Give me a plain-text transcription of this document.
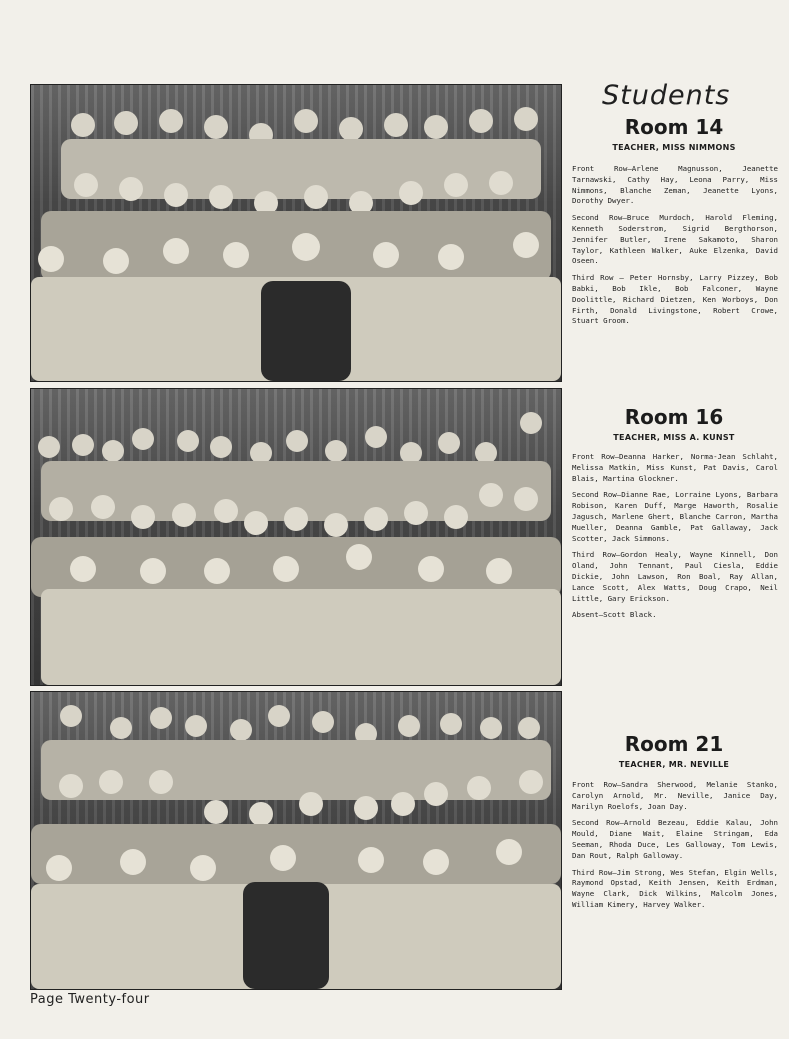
Students
Room 14
TEACHER, MISS NIMMONS

Front Row—Arlene Magnusson, Jeanette Tarnawski, Cathy Hay, Leona Parry, Miss Nimmons, Blanche Zeman, Jeanette Lyons, Dorothy Dwyer.

Second Row—Bruce Murdoch, Harold Fleming, Kenneth Soderstrom, Sigrid Bergthorson, Jennifer Butler, Irene Sakamoto, Sharon Taylor, Kathleen Walker, Auke Elzenka, David Oseen.

Third Row — Peter Hornsby, Larry Pizzey, Bob Babki, Bob Ikle, Bob Falconer, Wayne Doolittle, Richard Dietzen, Ken Worboys, Don Firth, Donald Livingstone, Robert Crowe, Stuart Groom.

Room 16
TEACHER, MISS A. KUNST

Front Row—Deanna Harker, Norma-Jean Schlaht, Melissa Matkin, Miss Kunst, Pat Davis, Carol Blais, Martina Glockner.

Second Row—Dianne Rae, Lorraine Lyons, Barbara Robison, Karen Duff, Marge Haworth, Rosalie Jagusch, Marlene Ghert, Blanche Carron, Martha Mueller, Deanna Gamble, Pat Gallaway, Jack Scotter, Jack Simmons.

Third Row—Gordon Healy, Wayne Kinnell, Don Oland, John Tennant, Paul Ciesla, Eddie Dickie, John Lawson, Ron Boal, Ray Allan, Lance Scott, Alex Watts, Doug Crapo, Neil Little, Gary Erickson.

Absent—Scott Black.

Room 21
TEACHER, MR. NEVILLE

Front Row—Sandra Sherwood, Melanie Stanko, Carolyn Arnold, Mr. Neville, Janice Day, Marilyn Roelofs, Joan Day.

Second Row—Arnold Bezeau, Eddie Kalau, John Mould, Diane Wait, Elaine Stringam, Eda Seeman, Rhoda Duce, Les Galloway, Tom Lewis, Dan Rout, Ralph Galloway.

Third Row—Jim Strong, Wes Stefan, Elgin Wells, Raymond Opstad, Keith Jensen, Keith Erdman, Wayne Clark, Dick Wilkins, Malcolm Jones, William Kimery, Harvey Walker.

Page Twenty-four
